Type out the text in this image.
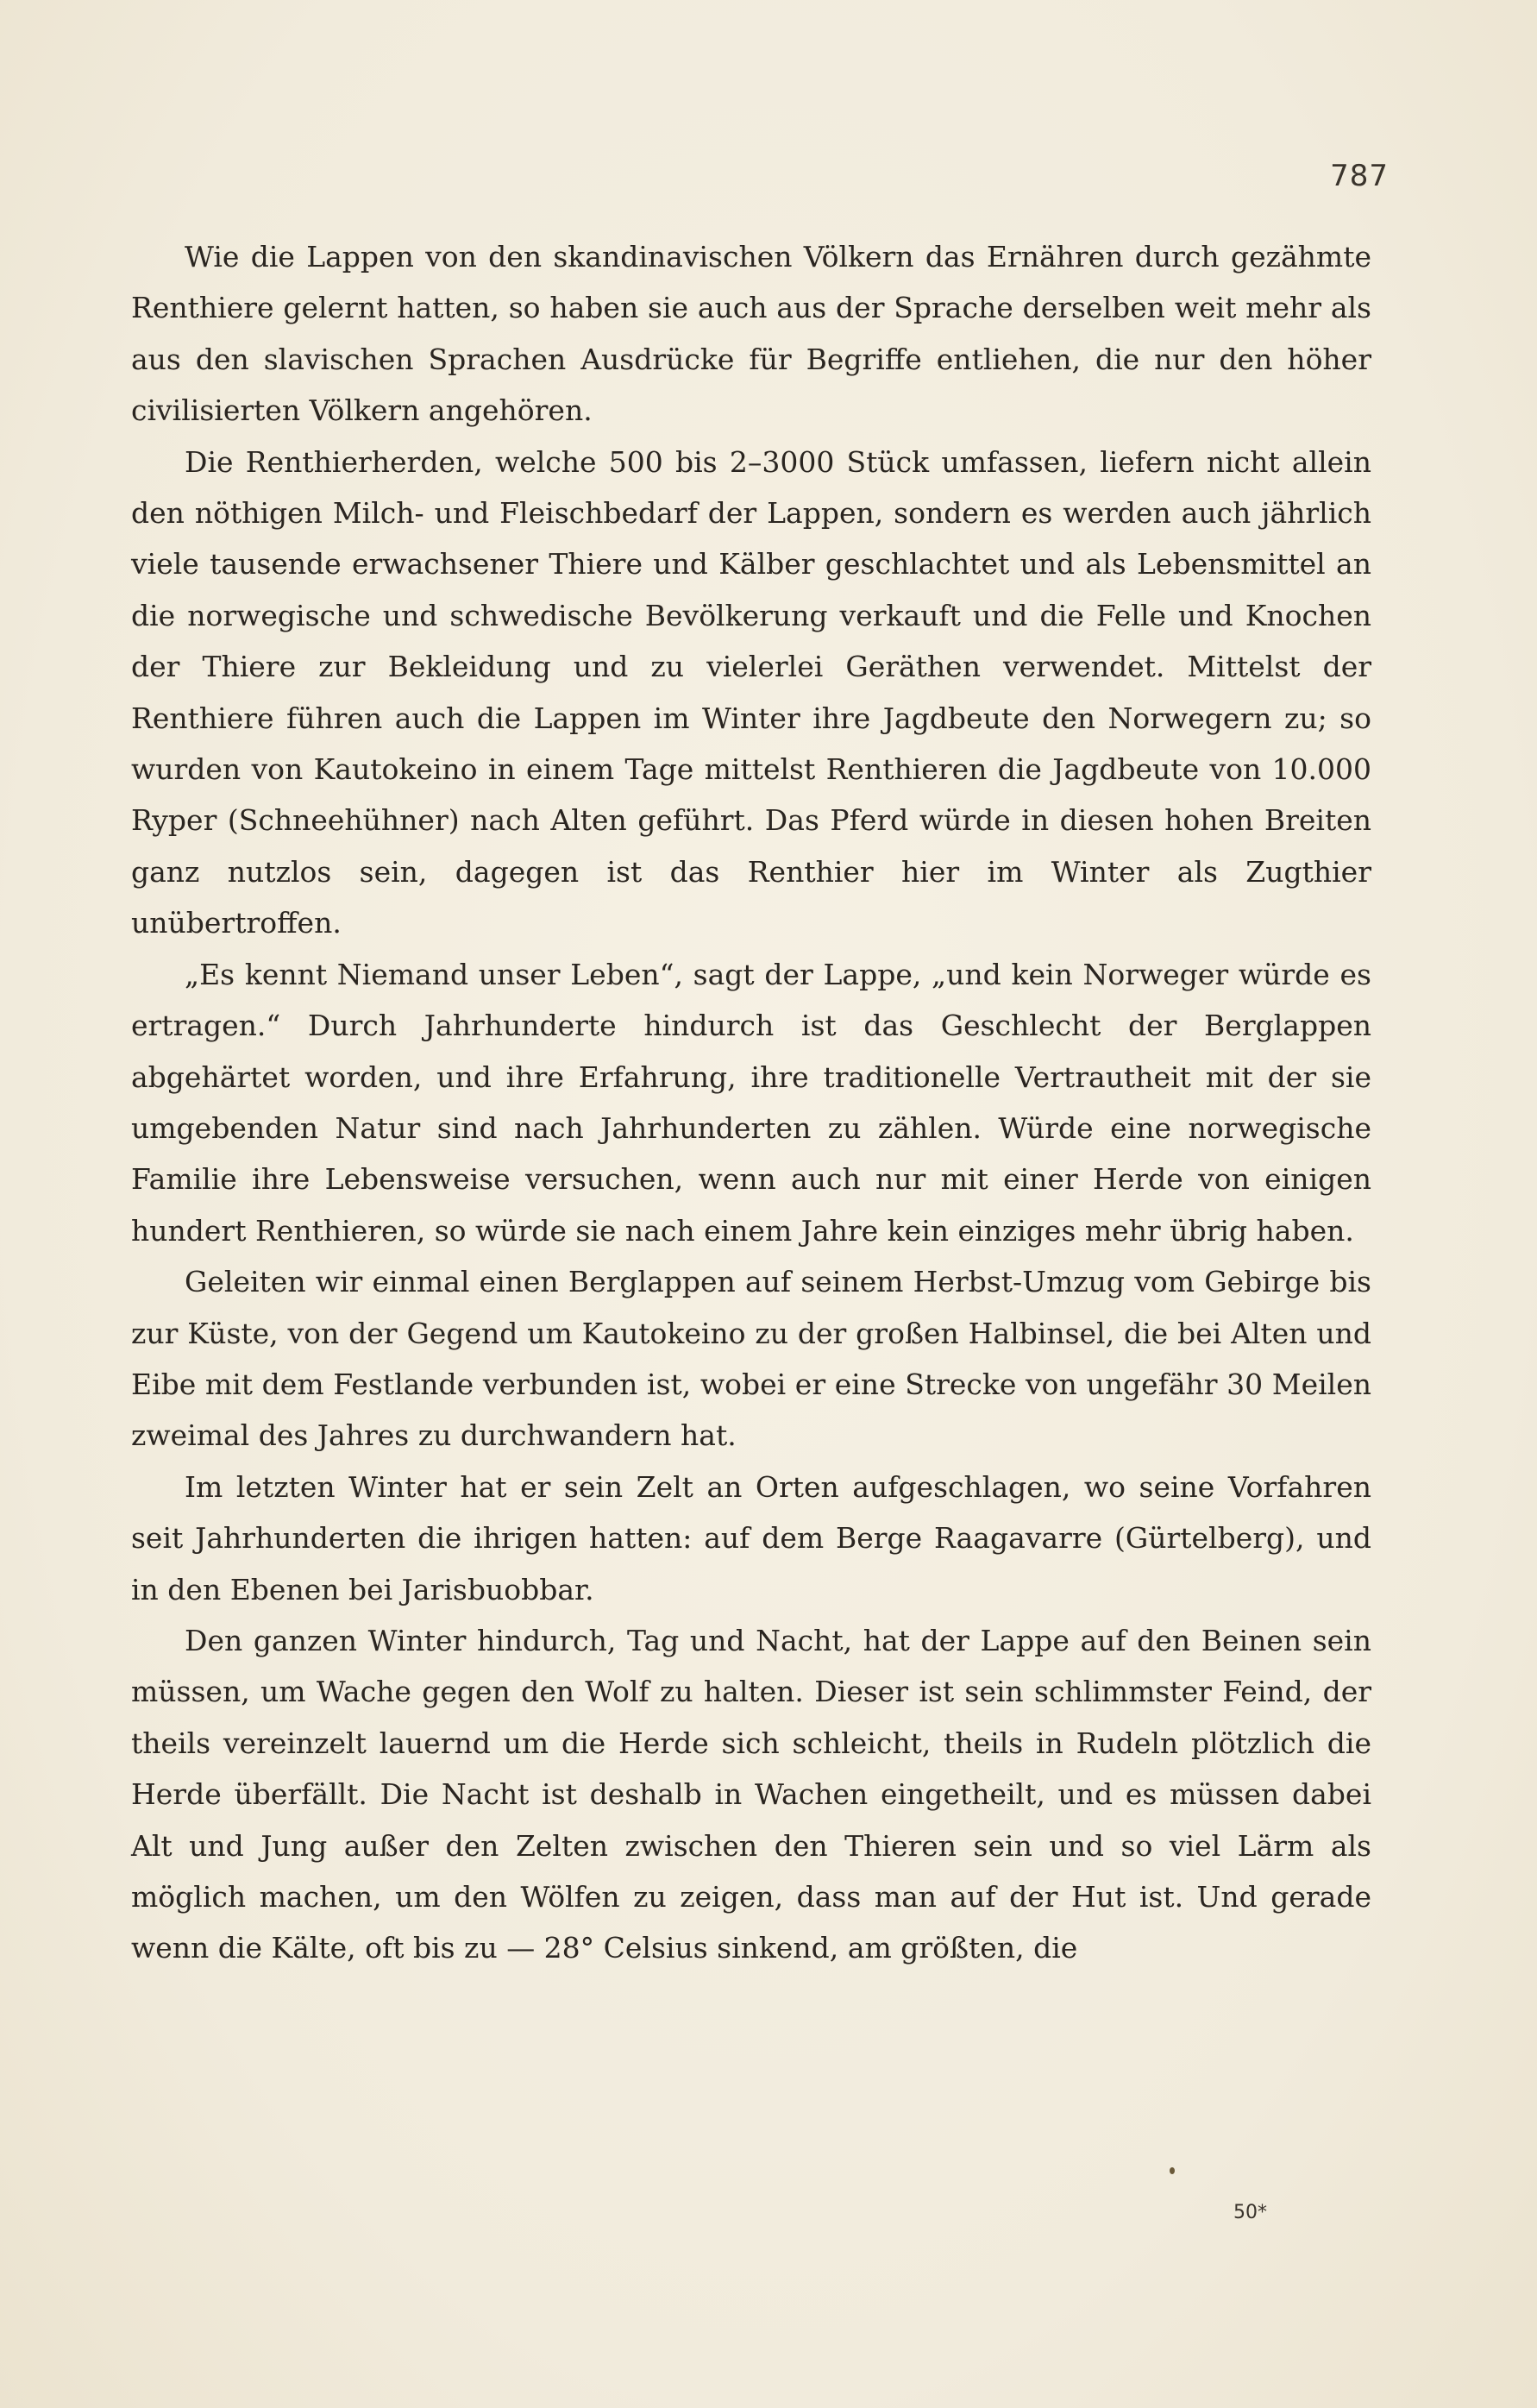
787

Wie die Lappen von den skandinavischen Völkern das Ernähren durch gezähmte Renthiere gelernt hatten, so haben sie auch aus der Sprache derselben weit mehr als aus den slavischen Sprachen Ausdrücke für Begriffe entliehen, die nur den höher civilisierten Völkern angehören.

Die Renthierherden, welche 500 bis 2–3000 Stück umfassen, liefern nicht allein den nöthigen Milch- und Fleischbedarf der Lappen, sondern es werden auch jährlich viele tausende erwachsener Thiere und Kälber geschlachtet und als Lebensmittel an die norwegische und schwedische Bevölkerung verkauft und die Felle und Knochen der Thiere zur Bekleidung und zu vielerlei Geräthen verwendet. Mittelst der Renthiere führen auch die Lappen im Winter ihre Jagdbeute den Norwegern zu; so wurden von Kautokeino in einem Tage mittelst Renthieren die Jagdbeute von 10.000 Ryper (Schneehühner) nach Alten geführt. Das Pferd würde in diesen hohen Breiten ganz nutzlos sein, dagegen ist das Renthier hier im Winter als Zugthier unübertroffen.

„Es kennt Niemand unser Leben“, sagt der Lappe, „und kein Norweger würde es ertragen.“ Durch Jahrhunderte hindurch ist das Geschlecht der Berglappen abgehärtet worden, und ihre Erfahrung, ihre traditionelle Vertrautheit mit der sie umgebenden Natur sind nach Jahrhunderten zu zählen. Würde eine norwegische Familie ihre Lebensweise versuchen, wenn auch nur mit einer Herde von einigen hundert Renthieren, so würde sie nach einem Jahre kein einziges mehr übrig haben.

Geleiten wir einmal einen Berglappen auf seinem Herbst-Umzug vom Gebirge bis zur Küste, von der Gegend um Kautokeino zu der großen Halbinsel, die bei Alten und Eibe mit dem Festlande verbunden ist, wobei er eine Strecke von ungefähr 30 Meilen zweimal des Jahres zu durchwandern hat.

Im letzten Winter hat er sein Zelt an Orten aufgeschlagen, wo seine Vorfahren seit Jahrhunderten die ihrigen hatten: auf dem Berge Raagavarre (Gürtelberg), und in den Ebenen bei Jarisbuobbar.

Den ganzen Winter hindurch, Tag und Nacht, hat der Lappe auf den Beinen sein müssen, um Wache gegen den Wolf zu halten. Dieser ist sein schlimmster Feind, der theils vereinzelt lauernd um die Herde sich schleicht, theils in Rudeln plötzlich die Herde überfällt. Die Nacht ist deshalb in Wachen eingetheilt, und es müssen dabei Alt und Jung außer den Zelten zwischen den Thieren sein und so viel Lärm als möglich machen, um den Wölfen zu zeigen, dass man auf der Hut ist. Und gerade wenn die Kälte, oft bis zu — 28° Celsius sinkend, am größten, die

50*
